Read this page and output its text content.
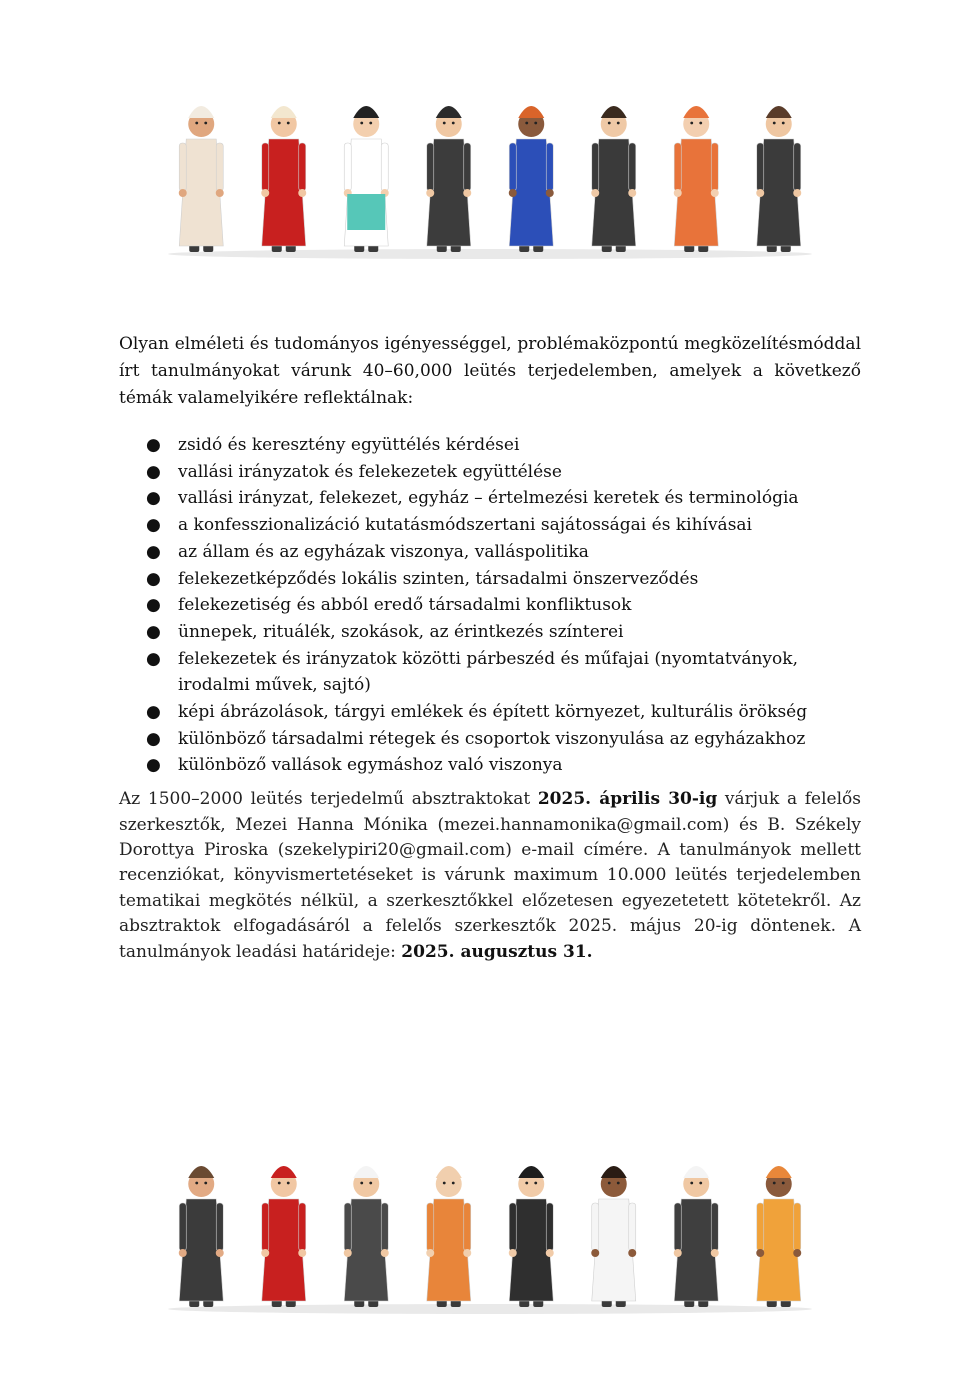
Olyan elméleti és tudományos igényességgel, problémaközpontú megközelítésmóddal írt tanulmányokat várunk 40–60,000 leütés terjedelemben, amelyek a következő témák valamelyikére reflektálnak:

● zsidó és keresztény együttélés kérdései
● vallási irányzatok és felekezetek együttélése
● vallási irányzat, felekezet, egyház – értelmezési keretek és terminológia
● a konfesszionalizáció kutatásmódszertani sajátosságai és kihívásai
● az állam és az egyházak viszonya, valláspolitika
● felekezetképződés lokális szinten, társadalmi önszerveződés
● felekezetiség és abból eredő társadalmi konfliktusok
● ünnepek, rituálék, szokások, az érintkezés színterei
● felekezetek és irányzatok közötti párbeszéd és műfajai (nyomtatványok, irodalmi művek, sajtó)
● képi ábrázolások, tárgyi emlékek és épített környezet, kulturális örökség
● különböző társadalmi rétegek és csoportok viszonyulása az egyházakhoz
● különböző vallások egymáshoz való viszonya

Az 1500–2000 leütés terjedelmű absztraktokat 2025. április 30-ig várjuk a felelős szerkesztők, Mezei Hanna Mónika (mezei.hannamonika@gmail.com) és B. Székely Dorottya Piroska (szekelypiri20@gmail.com) e-mail címére. A tanulmányok mellett recenziókat, könyvismertetéseket is várunk maximum 10.000 leütés terjedelemben tematikai megkötés nélkül, a szerkesztőkkel előzetesen egyezetetett kötetekről. Az absztraktok elfogadásáról a felelős szerkesztők 2025. május 20-ig döntenek. A tanulmányok leadási határideje: 2025. augusztus 31.
